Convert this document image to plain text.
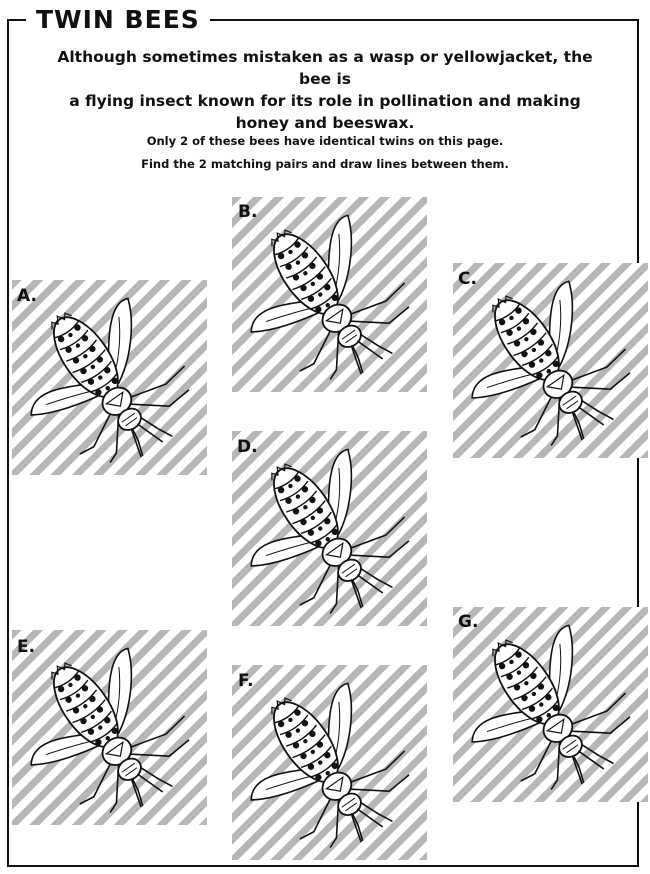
TWIN BEES
Although sometimes mistaken as a wasp or yellowjacket, the bee is
a flying insect known for its role in pollination and making
honey and beeswax.
Only 2 of these bees have identical twins on this page.
Find the 2 matching pairs and draw lines between them.
A.
B.
C.
D.
E.
F.
G.
